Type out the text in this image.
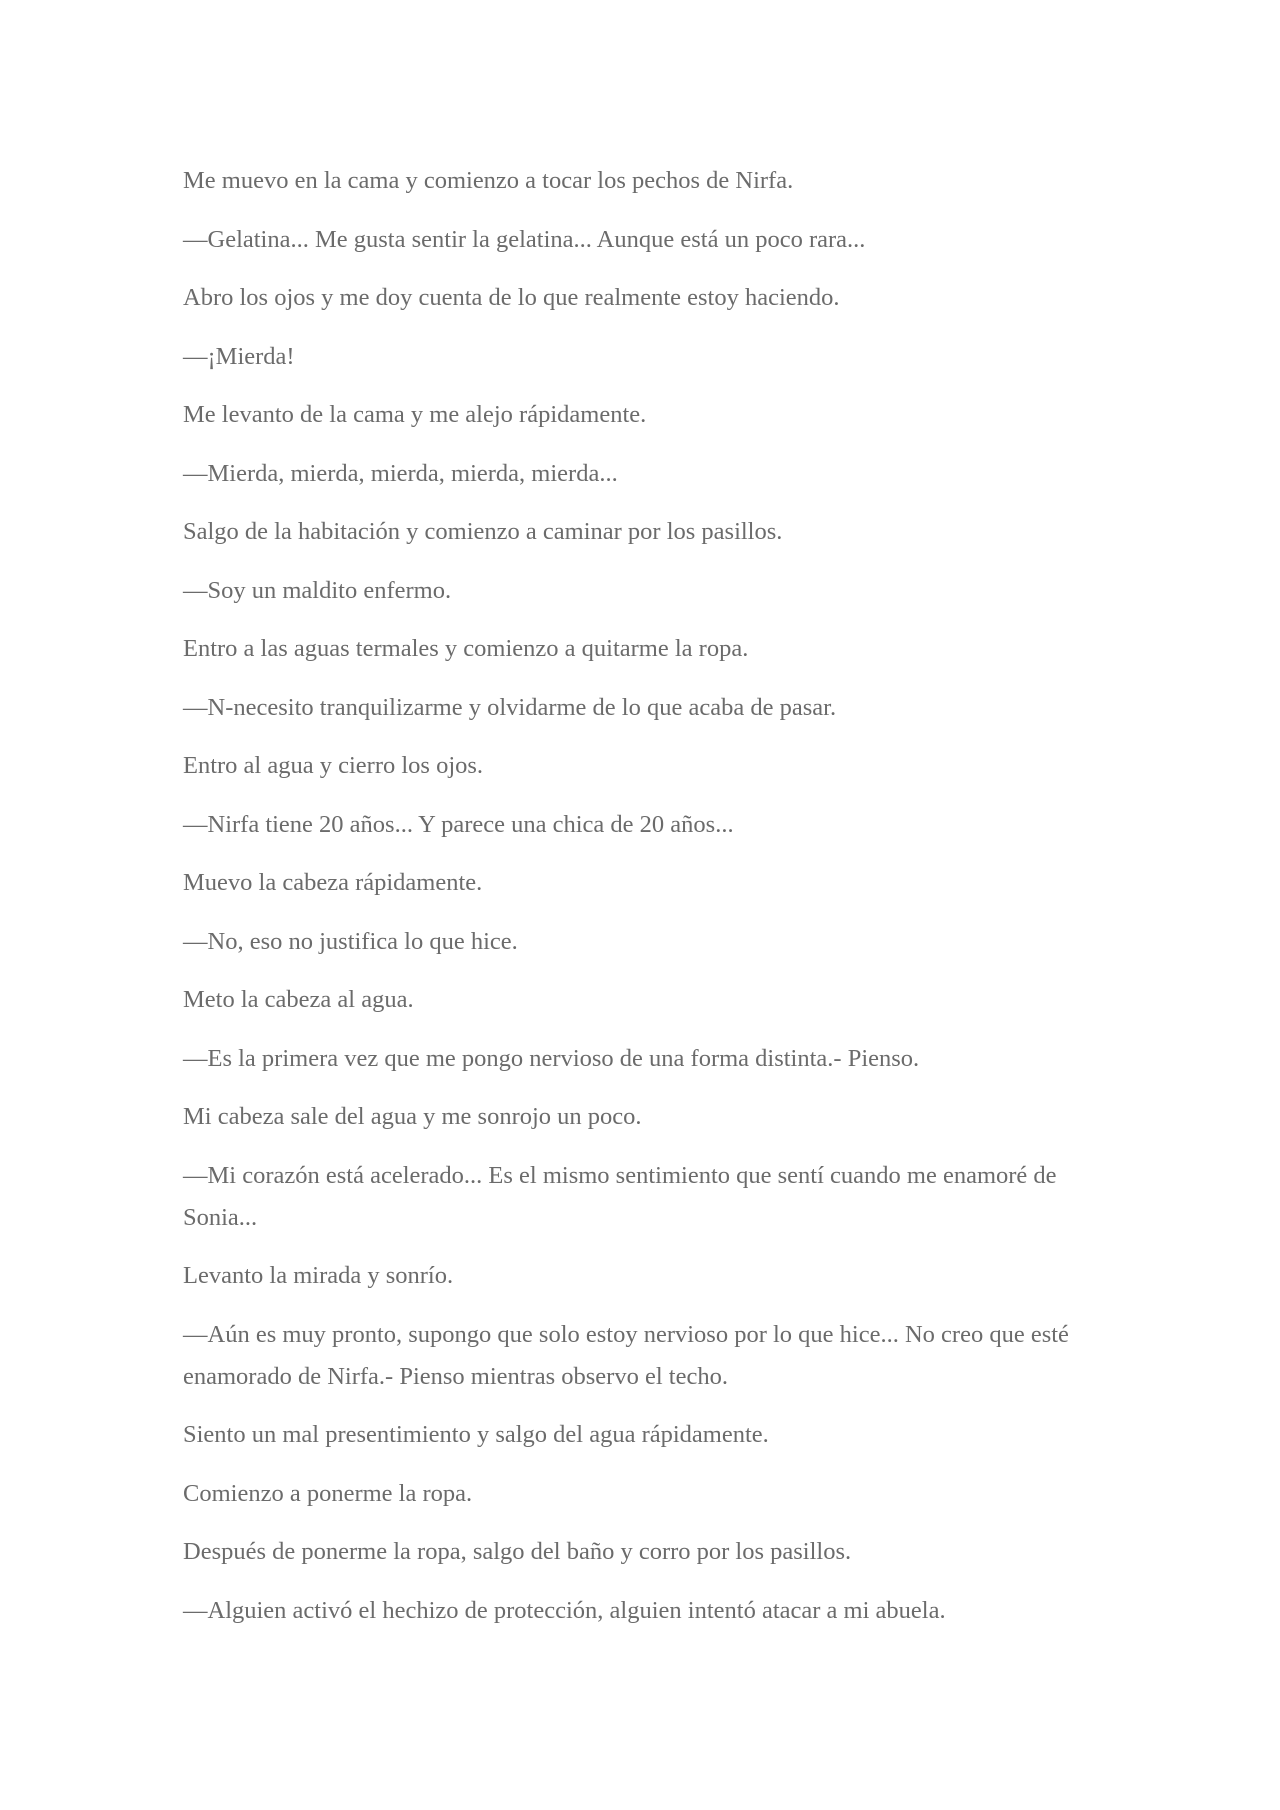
Me muevo en la cama y comienzo a tocar los pechos de Nirfa.

—Gelatina... Me gusta sentir la gelatina... Aunque está un poco rara...

Abro los ojos y me doy cuenta de lo que realmente estoy haciendo.

—¡Mierda!

Me levanto de la cama y me alejo rápidamente.

—Mierda, mierda, mierda, mierda, mierda...

Salgo de la habitación y comienzo a caminar por los pasillos.

—Soy un maldito enfermo.

Entro a las aguas termales y comienzo a quitarme la ropa.

—N-necesito tranquilizarme y olvidarme de lo que acaba de pasar.

Entro al agua y cierro los ojos.

—Nirfa tiene 20 años... Y parece una chica de 20 años...

Muevo la cabeza rápidamente.

—No, eso no justifica lo que hice.

Meto la cabeza al agua.

—Es la primera vez que me pongo nervioso de una forma distinta.- Pienso.

Mi cabeza sale del agua y me sonrojo un poco.

—Mi corazón está acelerado... Es el mismo sentimiento que sentí cuando me enamoré de Sonia...

Levanto la mirada y sonrío.

—Aún es muy pronto, supongo que solo estoy nervioso por lo que hice... No creo que esté enamorado de Nirfa.- Pienso mientras observo el techo.

Siento un mal presentimiento y salgo del agua rápidamente.

Comienzo a ponerme la ropa.

Después de ponerme la ropa, salgo del baño y corro por los pasillos.

—Alguien activó el hechizo de protección, alguien intentó atacar a mi abuela.
